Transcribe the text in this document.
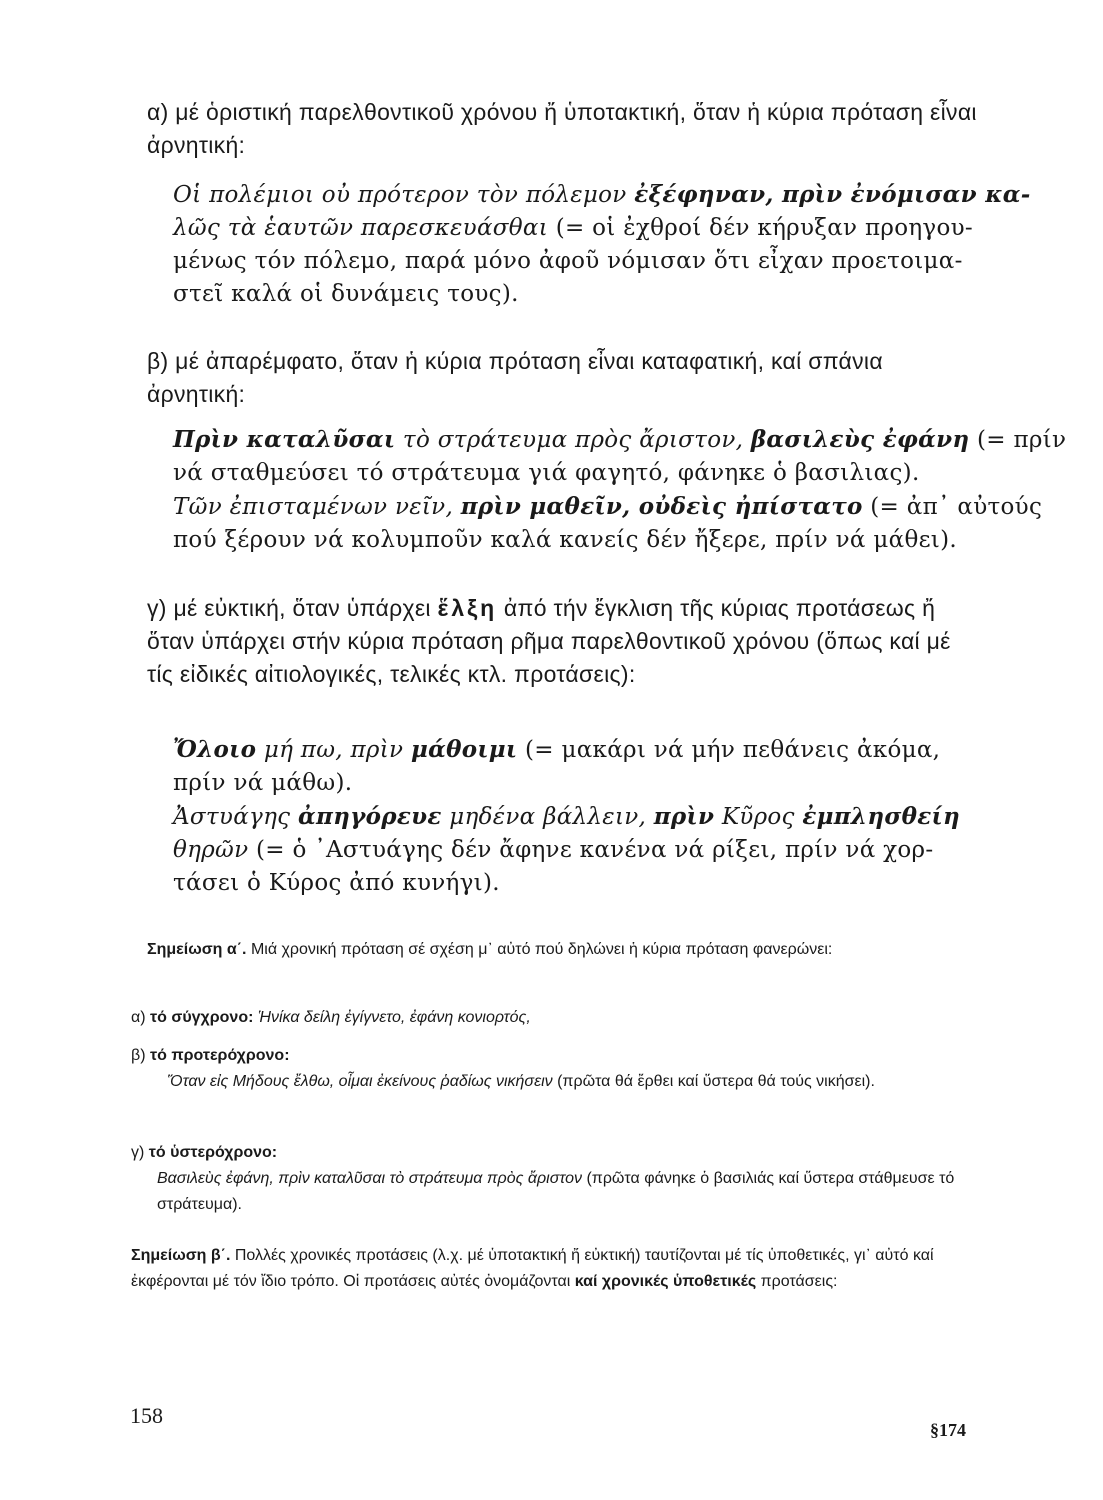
α) μέ ὁριστική παρελθοντικοῦ χρόνου ἤ ὑποτακτική, ὅταν ἡ κύρια πρόταση εἶναι ἀρνητική:

Οἱ πολέμιοι οὐ πρότερον τὸν πόλεμον ἐξέφηναν, πρὶν ἐνόμισαν κα-
λῶς τὰ ἑαυτῶν παρεσκευάσθαι (= οἱ ἐχθροί δέν κήρυξαν προηγου-
μένως τόν πόλεμο, παρά μόνο ἀφοῦ νόμισαν ὅτι εἶχαν προετοιμα-
στεῖ καλά οἱ δυνάμεις τους).

β) μέ ἀπαρέμφατο, ὅταν ἡ κύρια πρόταση εἶναι καταφατική, καί σπάνια ἀρνητική:

Πρὶν καταλῦσαι τὸ στράτευμα πρὸς ἄριστον, βασιλεὺς ἐφάνη (= πρίν
νά σταθμεύσει τό στράτευμα γιά φαγητό, φάνηκε ὁ βασιλιας).
Τῶν ἐπισταμένων νεῖν, πρὶν μαθεῖν, οὐδεὶς ἠπίστατο (= ἀπ᾽ αὐτούς
πού ξέρουν νά κολυμποῦν καλά κανείς δέν ἤξερε, πρίν νά μάθει).

γ) μέ εὐκτική, ὅταν ὑπάρχει ἕλξη ἀπό τήν ἔγκλιση τῆς κύριας προτάσεως ἤ ὅταν ὑπάρχει στήν κύρια πρόταση ρῆμα παρελθοντικοῦ χρόνου (ὅπως καί μέ τίς εἰδικές αἰτιολογικές, τελικές κτλ. προτάσεις):

Ὄλοιο μή πω, πρὶν μάθοιμι (= μακάρι νά μήν πεθάνεις ἀκόμα,
πρίν νά μάθω).
Ἀστυάγης ἀπηγόρευε μηδένα βάλλειν, πρὶν Κῦρος ἐμπλησθείη
θηρῶν (= ὁ ᾿Αστυάγης δέν ἄφηνε κανένα νά ρίξει, πρίν νά χορ-
τάσει ὁ Κύρος ἀπό κυνήγι).

Σημείωση α΄. Μιά χρονική πρόταση σέ σχέση μ᾽ αὐτό πού δηλώνει ἡ κύρια πρόταση φανερώνει:

α) τό σύγχρονο: Ἡνίκα δείλη ἐγίγνετο, ἐφάνη κονιορτός,

β) τό προτερόχρονο:
Ὅταν εἰς Μήδους ἔλθω, οἶμαι ἐκείνους ῥαδίως νικήσειν (πρῶτα θά ἔρθει καί ὕστερα θά τούς νικήσει).
γ) τό ὑστερόχρονο:
Βασιλεὺς ἐφάνη, πρὶν καταλῦσαι τὸ στράτευμα πρὸς ἄριστον (πρῶτα φάνηκε ὁ βασιλιάς καί ὕστερα στάθμευσε τό στράτευμα).

Σημείωση β΄. Πολλές χρονικές προτάσεις (λ.χ. μέ ὑποτακτική ἤ εὐκτική) ταυτίζονται μέ τίς ὑποθετικές, γι᾽ αὐτό καί ἐκφέρονται μέ τόν ἴδιο τρόπο. Οἱ προτάσεις αὐτές ὀνομάζονται καί χρονικές ὑποθετικές προτάσεις:

158
§174
